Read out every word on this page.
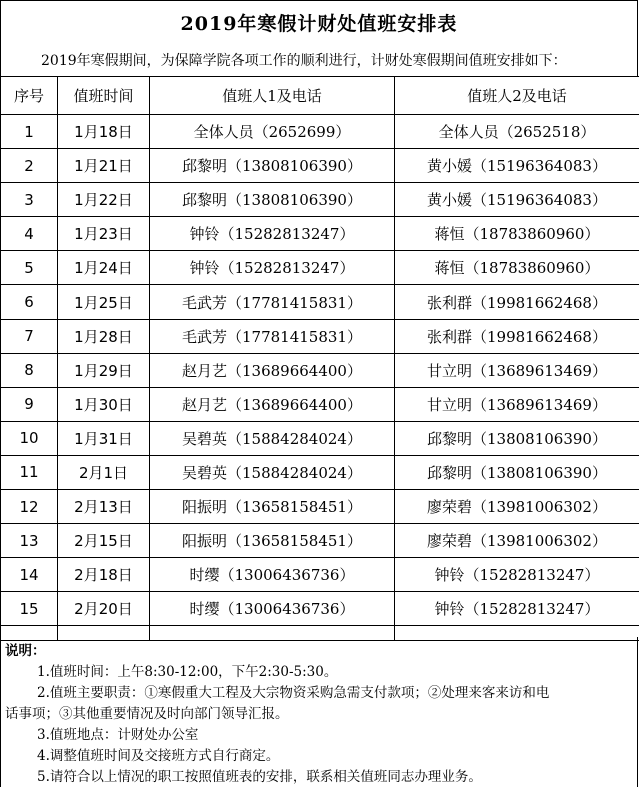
2019年寒假计财处值班安排表
2019年寒假期间，为保障学院各项工作的顺利进行，计财处寒假期间值班安排如下：
序号	值班时间	值班人1及电话	值班人2及电话
1	1月18日	全体人员（2652699）	全体人员（2652518）
2	1月21日	邱黎明（13808106390）	黄小媛（15196364083）
3	1月22日	邱黎明（13808106390）	黄小媛（15196364083）
4	1月23日	钟铃（15282813247）	蒋恒（18783860960）
5	1月24日	钟铃（15282813247）	蒋恒（18783860960）
6	1月25日	毛武芳（17781415831）	张利群（19981662468）
7	1月28日	毛武芳（17781415831）	张利群（19981662468）
8	1月29日	赵月艺（13689664400）	甘立明（13689613469）
9	1月30日	赵月艺（13689664400）	甘立明（13689613469）
10	1月31日	吴碧英（15884284024）	邱黎明（13808106390）
11	2月1日	吴碧英（15884284024）	邱黎明（13808106390）
12	2月13日	阳振明（13658158451）	廖荣碧（13981006302）
13	2月15日	阳振明（13658158451）	廖荣碧（13981006302）
14	2月18日	时缨（13006436736）	钟铃（15282813247）
15	2月20日	时缨（13006436736）	钟铃（15282813247）

说明：
1.值班时间：上午8:30-12:00，下午2:30-5:30。
2.值班主要职责：①寒假重大工程及大宗物资采购急需支付款项；②处理来客来访和电
话事项；③其他重要情况及时向部门领导汇报。
3.值班地点：计财处办公室
4.调整值班时间及交接班方式自行商定。
5.请符合以上情况的职工按照值班表的安排，联系相关值班同志办理业务。
